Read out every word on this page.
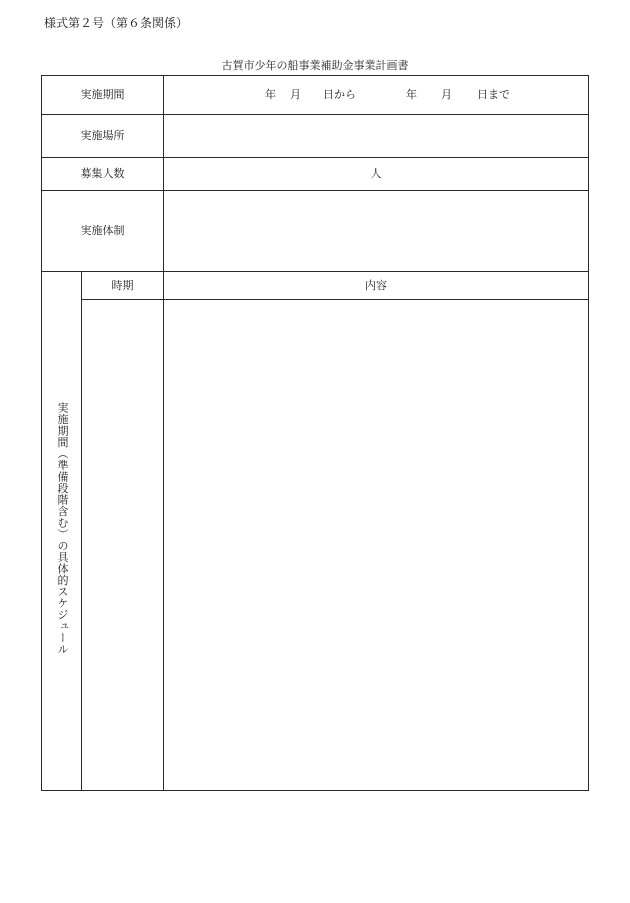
様式第２号（第６条関係）
古賀市少年の船事業補助金事業計画書
実施期間	年 月 日から	年 月 日まで
実施場所
募集人数	人
実施体制
実施期間（準備段階含む）の具体的スケジュール
時期	内容
